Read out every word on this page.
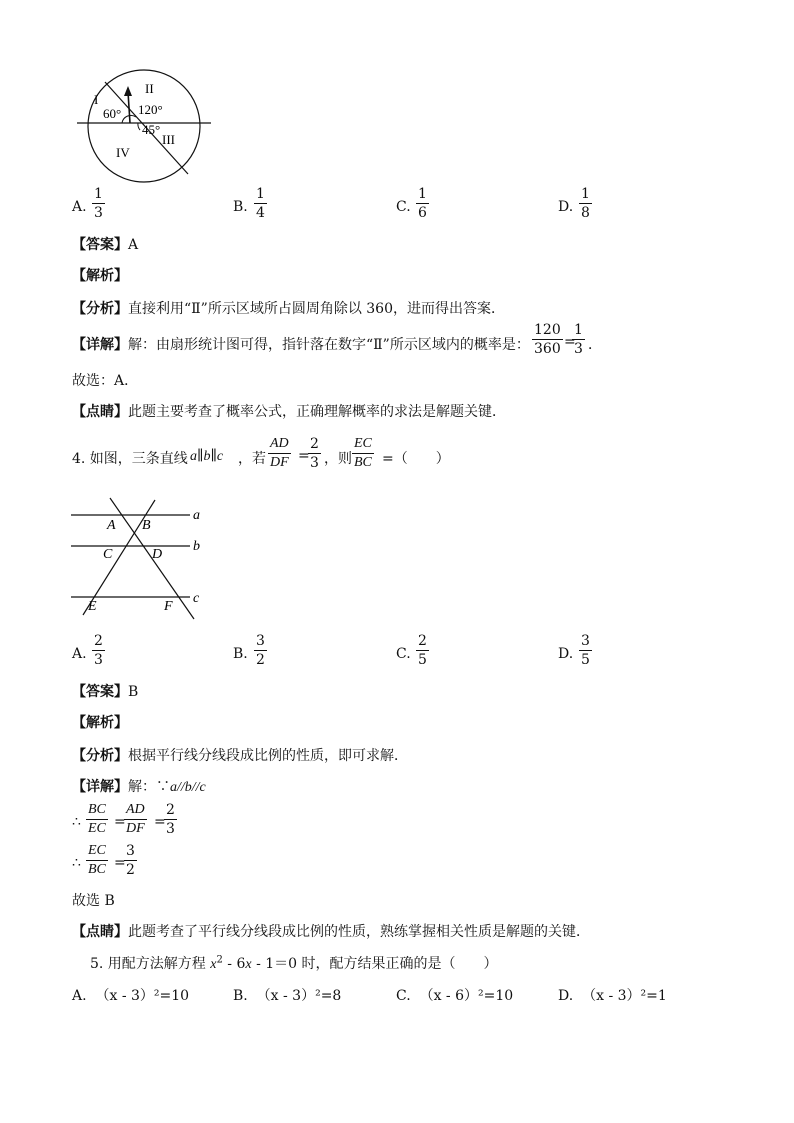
I
II
III
IV
60° 120°
45°
A.
1
3	B.
1
4	C.
1
6	D.
1
8
【答案】A
【解析】
【分析】直接利用“Ⅱ”所示区域所占圆周角除以 360，进而得出答案．
【详解】解：由扇形统计图可得，指针落在数字“Ⅱ”所示区域内的概率是：
120
360 =
1
3 ．
故选：A．
【点睛】此题主要考查了概率公式，正确理解概率的求法是解题关键．
4. 如图，三条直线 a∥b∥c ，若
AD
DF =
2
3 ，则
EC
BC =（　　）
A B
C	D
E	F
a
b
c
A.
2
3	B.
3
2	C.
2
5	D.
3
5
【答案】B
【解析】
【分析】根据平行线分线段成比例的性质，即可求解．
【详解】解：∵a//b//c
∴
BC
EC =
AD
DF =
2
3
∴
EC
BC =
3
2
故选 B
【点睛】此题考查了平行线分线段成比例的性质，熟练掌握相关性质是解题的关键．
5. 用配方法解方程 $x^2 - 6x - 1=0$ 时，配方结果正确的是（　　）
A. （x - 3）²=10	B. （x - 3）²=8	C. （x - 6）²=10	D. （x - 3）²=1
